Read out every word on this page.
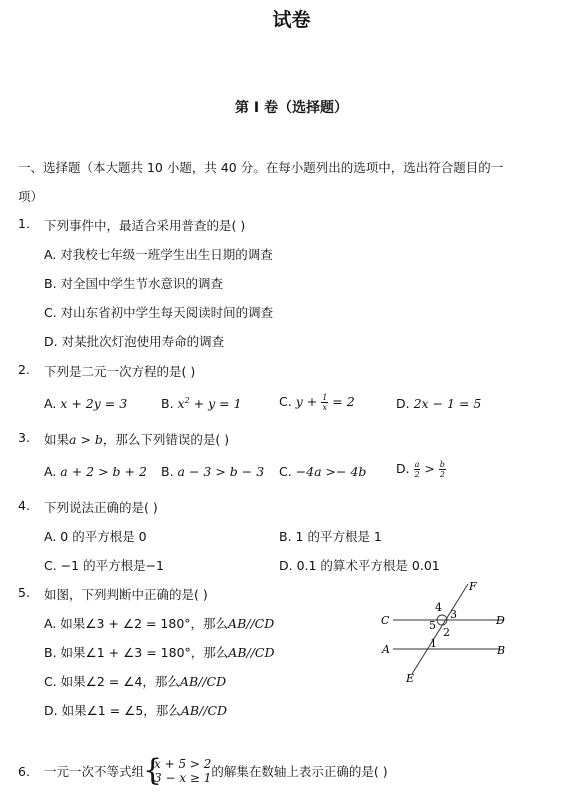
试卷
第 I 卷（选择题）
一、选择题（本大题共 10 小题，共 40 分。在每小题列出的选项中，选出符合题目的一
项）
1. 下列事件中，最适合采用普查的是( )
A. 对我校七年级一班学生出生日期的调查
B. 对全国中学生节水意识的调查
C. 对山东省初中学生每天阅读时间的调查
D. 对某批次灯泡使用寿命的调查
2. 下列是二元一次方程的是( )
A. x + 2y = 3	B. $x^2 + y = 1$	C. $y + \frac{1}{x} = 2$	D. 2x − 1 = 5
3. 如果a > b，那么下列错误的是( )
A. a + 2 > b + 2 B. a − 3 > b − 3 C. −4a >− 4b D. $\frac{a}{2} > \frac{b}{2}$
4. 下列说法正确的是( )
A. 0 的平方根是 0	B. 1 的平方根是 1
C. −1 的平方根是−1	D. 0.1 的算术平方根是 0.01
5. 如图，下列判断中正确的是( )
A. 如果∠3 + ∠2 = 180°，那么AB//CD
B. 如果∠1 + ∠3 = 180°，那么AB//CD
C. 如果∠2 = ∠4，那么AB//CD
D. 如果∠1 = ∠5，那么AB//CD
F
C	D
A	B
E
4
3
5
2
1
6. 一元一次不等式组 {
x + 5 > 2
3 − x ≥ 1 的解集在数轴上表示正确的是( )
